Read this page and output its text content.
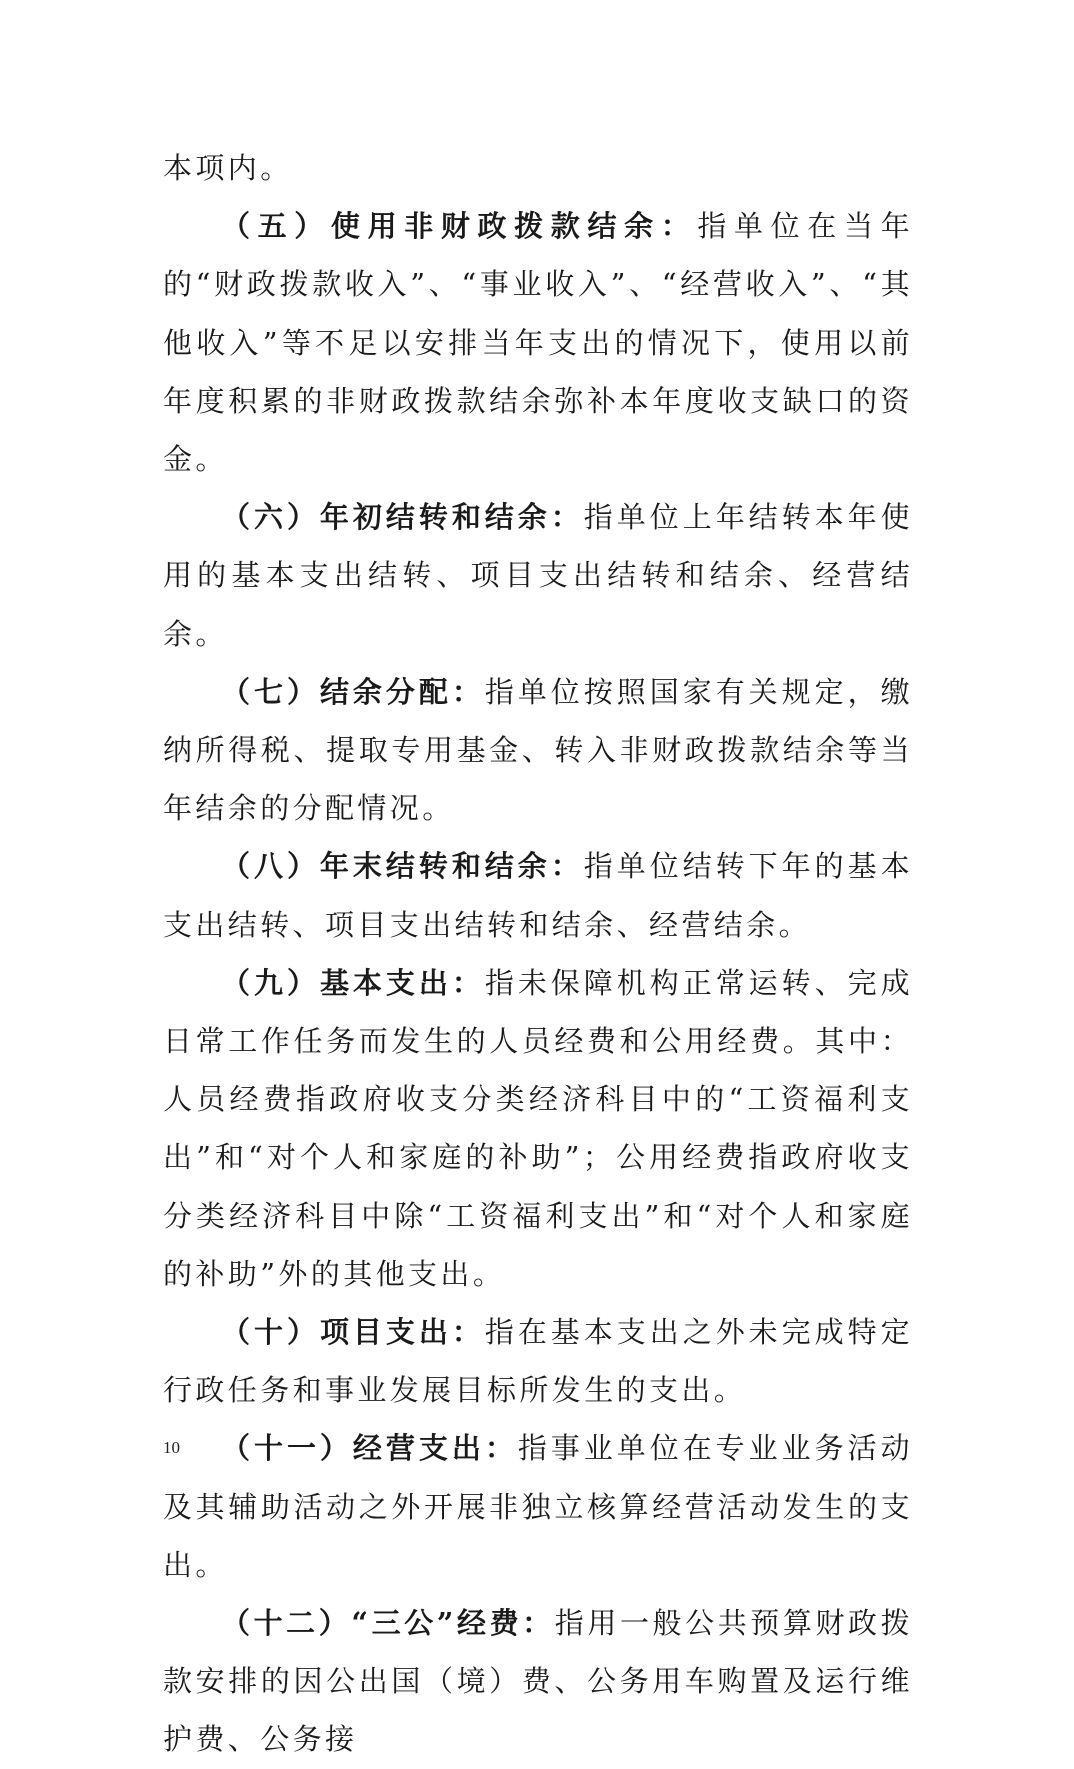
本项内。

（五）使用非财政拨款结余：指单位在当年的“财政拨款收入”、“事业收入”、“经营收入”、“其他收入”等不足以安排当年支出的情况下，使用以前年度积累的非财政拨款结余弥补本年度收支缺口的资金。

（六）年初结转和结余：指单位上年结转本年使用的基本支出结转、项目支出结转和结余、经营结余。

（七）结余分配：指单位按照国家有关规定，缴纳所得税、提取专用基金、转入非财政拨款结余等当年结余的分配情况。

（八）年末结转和结余：指单位结转下年的基本支出结转、项目支出结转和结余、经营结余。

（九）基本支出：指未保障机构正常运转、完成日常工作任务而发生的人员经费和公用经费。其中：人员经费指政府收支分类经济科目中的“工资福利支出”和“对个人和家庭的补助”；公用经费指政府收支分类经济科目中除“工资福利支出”和“对个人和家庭的补助”外的其他支出。

（十）项目支出：指在基本支出之外未完成特定行政任务和事业发展目标所发生的支出。

（十一）经营支出：指事业单位在专业业务活动及其辅助活动之外开展非独立核算经营活动发生的支出。

（十二）“三公”经费：指用一般公共预算财政拨款安排的因公出国（境）费、公务用车购置及运行维护费、公务接

10
